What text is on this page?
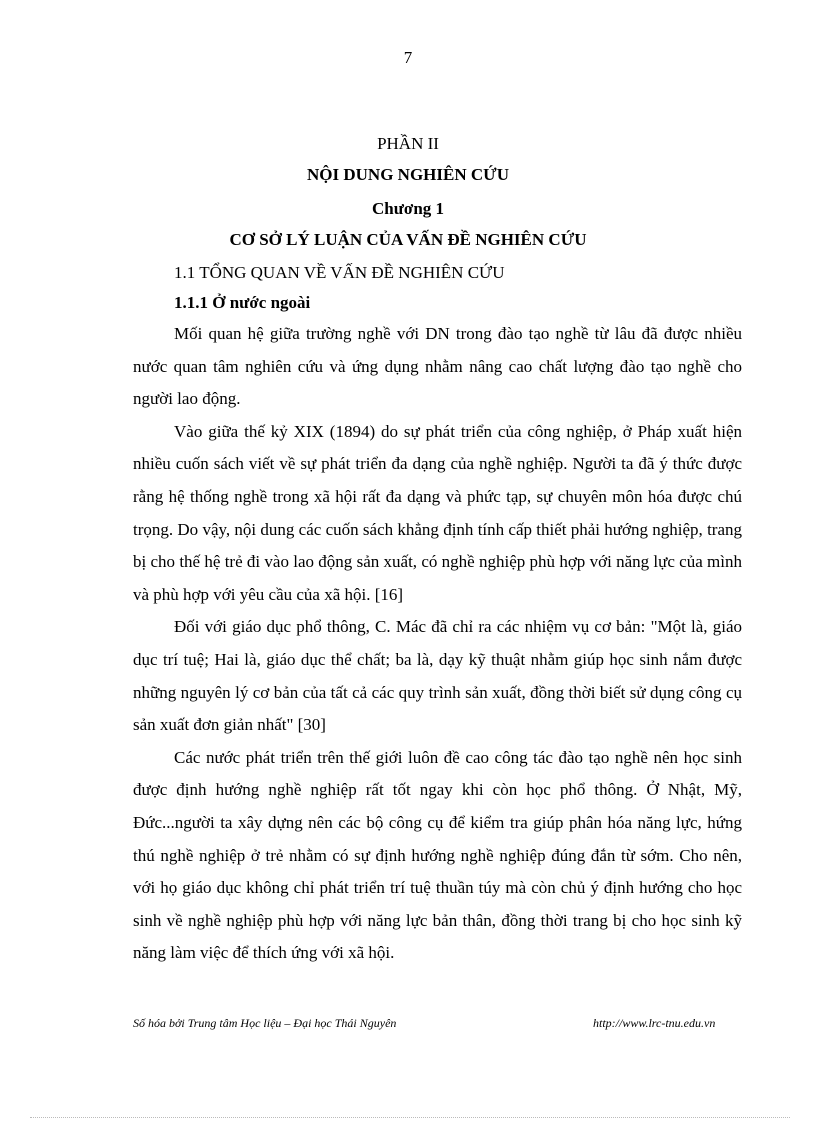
7
PHẦN II
NỘI DUNG NGHIÊN CỨU
Chương 1
CƠ SỞ LÝ LUẬN CỦA VẤN ĐỀ NGHIÊN CỨU
1.1 TỔNG QUAN VỀ VẤN ĐỀ NGHIÊN CỨU
1.1.1 Ở nước ngoài

Mối quan hệ giữa trường nghề với DN trong đào tạo nghề từ lâu đã được nhiều nước quan tâm nghiên cứu và ứng dụng nhằm nâng cao chất lượng đào tạo nghề cho người lao động.

Vào giữa thế kỷ XIX (1894) do sự phát triển của công nghiệp, ở Pháp xuất hiện nhiều cuốn sách viết về sự phát triển đa dạng của nghề nghiệp. Người ta đã ý thức được rằng hệ thống nghề trong xã hội rất đa dạng và phức tạp, sự chuyên môn hóa được chú trọng. Do vậy, nội dung các cuốn sách khẳng định tính cấp thiết phải hướng nghiệp, trang bị cho thế hệ trẻ đi vào lao động sản xuất, có nghề nghiệp phù hợp với năng lực của mình và phù hợp với yêu cầu của xã hội. [16]

Đối với giáo dục phổ thông, C. Mác đã chỉ ra các nhiệm vụ cơ bản: "Một là, giáo dục trí tuệ; Hai là, giáo dục thể chất; ba là, dạy kỹ thuật nhằm giúp học sinh nắm được những nguyên lý cơ bản của tất cả các quy trình sản xuất, đồng thời biết sử dụng công cụ sản xuất đơn giản nhất" [30]

Các nước phát triển trên thế giới luôn đề cao công tác đào tạo nghề nên học sinh được định hướng nghề nghiệp rất tốt ngay khi còn học phổ thông. Ở Nhật, Mỹ, Đức...người ta xây dựng nên các bộ công cụ để kiểm tra giúp phân hóa năng lực, hứng thú nghề nghiệp ở trẻ nhằm có sự định hướng nghề nghiệp đúng đắn từ sớm. Cho nên, với họ giáo dục không chỉ phát triển trí tuệ thuần túy mà còn chủ ý định hướng cho học sinh về nghề nghiệp phù hợp với năng lực bản thân, đồng thời trang bị cho học sinh kỹ năng làm việc để thích ứng với xã hội.

Số hóa bởi Trung tâm Học liệu – Đại học Thái Nguyên	http://www.lrc-tnu.edu.vn
